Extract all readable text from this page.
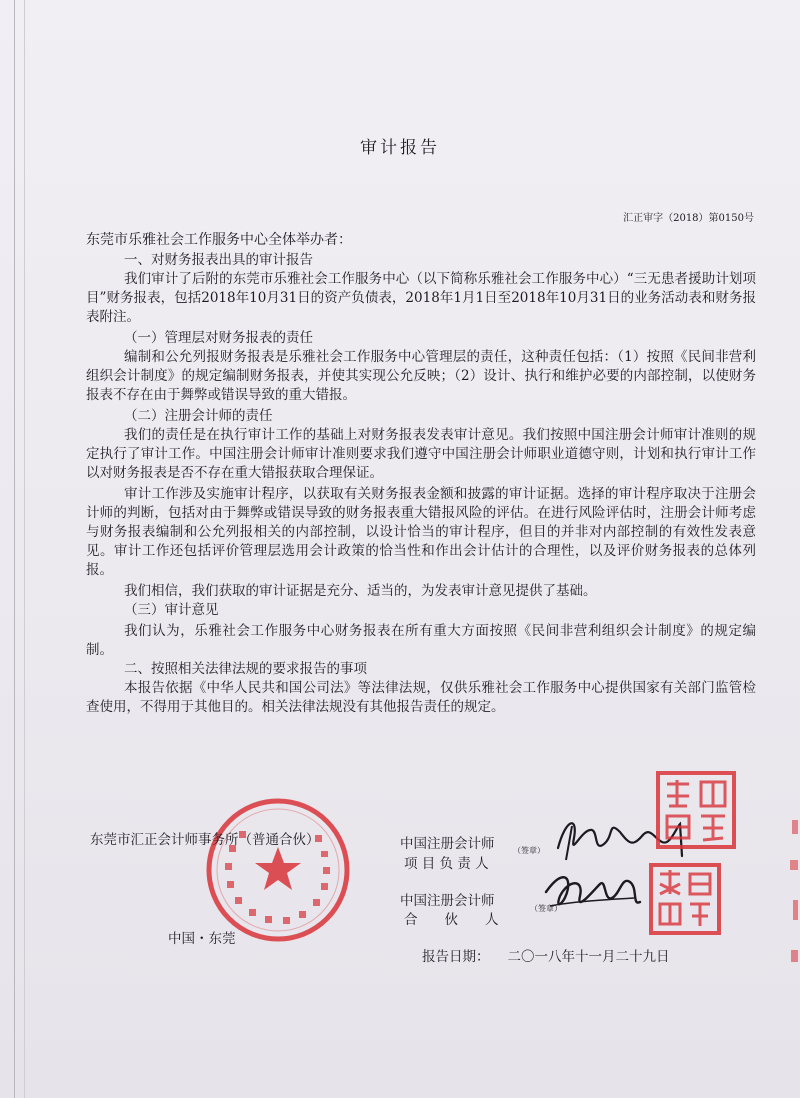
审计报告
汇正审字（2018）第0150号
东莞市乐雅社会工作服务中心全体举办者：

一、对财务报表出具的审计报告

我们审计了后附的东莞市乐雅社会工作服务中心（以下简称乐雅社会工作服务中心）“三无患者援助计划项目”财务报表，包括2018年10月31日的资产负债表，2018年1月1日至2018年10月31日的业务活动表和财务报表附注。

（一）管理层对财务报表的责任

编制和公允列报财务报表是乐雅社会工作服务中心管理层的责任，这种责任包括：（1）按照《民间非营利组织会计制度》的规定编制财务报表，并使其实现公允反映；（2）设计、执行和维护必要的内部控制，以使财务报表不存在由于舞弊或错误导致的重大错报。

（二）注册会计师的责任

我们的责任是在执行审计工作的基础上对财务报表发表审计意见。我们按照中国注册会计师审计准则的规定执行了审计工作。中国注册会计师审计准则要求我们遵守中国注册会计师职业道德守则，计划和执行审计工作以对财务报表是否不存在重大错报获取合理保证。

审计工作涉及实施审计程序，以获取有关财务报表金额和披露的审计证据。选择的审计程序取决于注册会计师的判断，包括对由于舞弊或错误导致的财务报表重大错报风险的评估。在进行风险评估时，注册会计师考虑与财务报表编制和公允列报相关的内部控制，以设计恰当的审计程序，但目的并非对内部控制的有效性发表意见。审计工作还包括评价管理层选用会计政策的恰当性和作出会计估计的合理性，以及评价财务报表的总体列报。

我们相信，我们获取的审计证据是充分、适当的，为发表审计意见提供了基础。

（三）审计意见

我们认为，乐雅社会工作服务中心财务报表在所有重大方面按照《民间非营利组织会计制度》的规定编制。

二、按照相关法律法规的要求报告的事项

本报告依据《中华人民共和国公司法》等法律法规，仅供乐雅社会工作服务中心提供国家有关部门监管检查使用，不得用于其他目的。相关法律法规没有其他报告责任的规定。

东莞市汇正会计师事务所（普通合伙）
中国・东莞
中国注册会计师
项 目 负 责 人
（签章）
中国注册会计师
合　　伙　　人
（签章）
报告日期： 二〇一八年十一月二十九日
